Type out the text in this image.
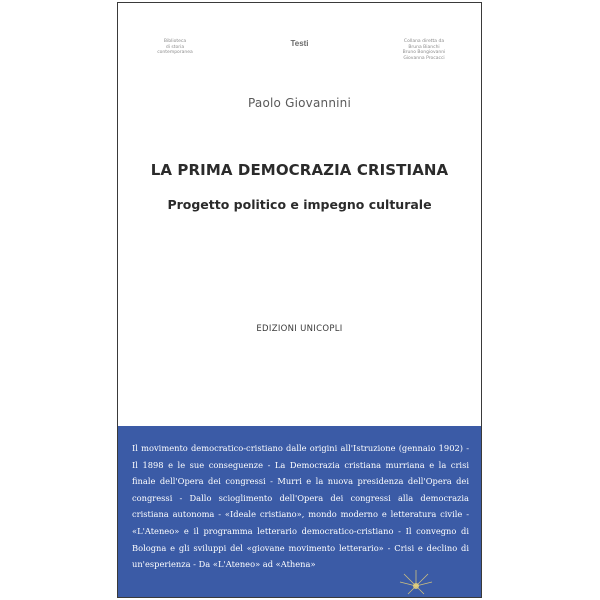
Biblioteca
di storia
contemporanea
Testi	Collana diretta da
Bruna Bianchi
Bruno Bongiovanni
Giovanna Procacci
Paolo Giovannini
LA PRIMA DEMOCRAZIA CRISTIANA
Progetto politico e impegno culturale
EDIZIONI UNICOPLI
Il movimento democratico-cristiano dalle origini all'Istruzione (gennaio 1902) - Il 1898 e le sue conseguenze - La Democrazia cristiana murriana e la crisi finale dell'Opera dei congressi - Murri e la nuova presidenza dell'Opera dei congressi - Dallo scioglimento dell'Opera dei congressi alla democrazia cristiana autonoma - «Ideale cristiano», mondo moderno e letteratura civile - «L'Ateneo» e il programma letterario democratico-cristiano - Il convegno di Bologna e gli sviluppi del «giovane movimento letterario» - Crisi e declino di un'esperienza - Da «L'Ateneo» ad «Athena»
